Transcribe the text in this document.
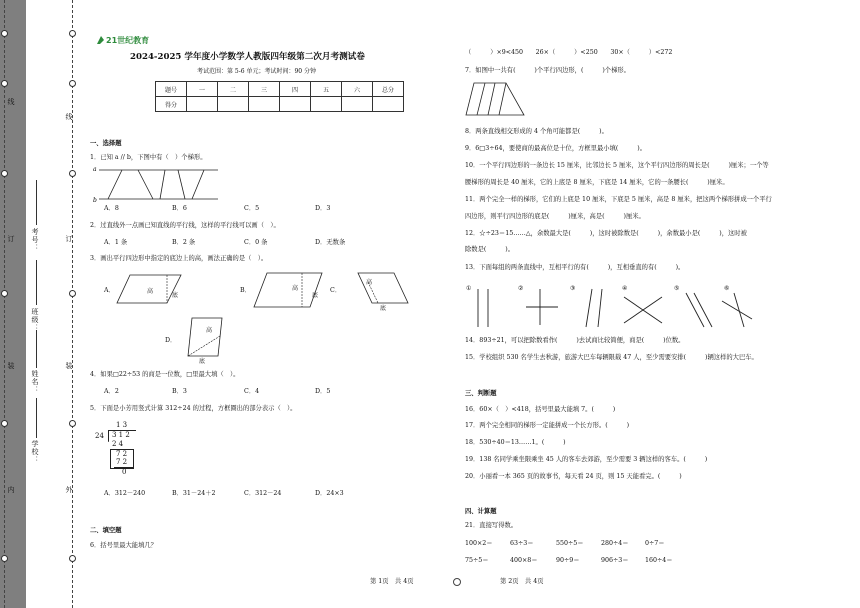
线
订
装
内
线
订
装
外
考号：
班级：
姓名：
学校：
21世纪教育
2024-2025 学年度小学数学人教版四年级第二次月考测试卷
考试范围：第 5-6 单元；考试时间：90 分钟
题号	一	二	三	四	五	六	总分
得分							
一、选择题
1．已知 a // b，下图中有（　）个梯形。
a
b
A．8	B．6	C．5	D．3
2．过直线外一点画已知直线的平行线，这样的平行线可以画（　）。
A．1 条	B．2 条	C．0 条	D．无数条
3．画出平行四边形中指定的底边上的高，画法正确的是（　）。
A．	高
底
B．	高
底
C．
高
底
D．
高
底
4．如果□22÷53 的商是一位数，□里最大填（　）。
A．2	B．3	C．4	D．5
5．下面是小芳用竖式计算 312÷24 的过程，方框圈出的部分表示（　）。
1 3
24 3 1 2
2 4
7 2
7 2
0
A．312－240	B．31－24＋2	C．312－24	D．24×3
二、填空题
6．括号里最大能填几？
（　　　）×9<450　　26×（　　　）<250　　30×（　　　）<272
7．如图中一共有(　　　)个平行四边形，(　　　)个梯形。
8．两条直线相交形成的 4 个角可能都是(　　　)。
9．6□3÷64，要使商的最高位是十位，方框里最小填(　　　)。
10．一个平行四边形的一条边长 15 厘米，比邻边长 5 厘米，这个平行四边形的周长是(　　　)厘米；一个等
腰梯形的周长是 40 厘米，它的上底是 8 厘米，下底是 14 厘米，它的一条腰长(　　　)厘米。
11．两个完全一样的梯形，它们的上底是 10 厘米，下底是 5 厘米，高是 8 厘米，把这两个梯形拼成一个平行
四边形，则平行四边形的底是(　　　)厘米，高是(　　　)厘米。
12．☆÷23＝15……△，余数最大是(　　　)，这时被除数是(　　　)，余数最小是(　　　)，这时被
除数是(　　　)。
13．下面每组的两条直线中，互相平行的有(　　　)，互相垂直的有(　　　)。
①	②	③	④	⑤	⑥
14．893÷21，可以把除数看作(　　　)去试商比较简便，商是(　　　)位数。
15．学校组织 530 名学生去秋游，旅游大巴车每辆限载 47 人，至少需要安排(　　　)辆这样的大巴车。
三、判断题
16．60×（　）<418，括号里最大能填 7。(　　　)
17．两个完全相同的梯形一定能拼成一个长方形。(　　　)
18．530÷40＝13……1。(　　　)
19．138 名同学乘坐限乘坐 45 人的客车去郊游，至少需要 3 辆这样的客车。(　　　)
20．小丽看一本 365 页的故事书，每天看 24 页，则 15 天能看完。(　　　)
四、计算题
21．直接写得数。
100×2＝	63÷3＝	550÷5＝	280÷4＝	0÷7＝
75÷5＝	400×8＝	90÷9＝	906÷3＝	160÷4＝
第 1页　共 4页	第 2页　共 4页
